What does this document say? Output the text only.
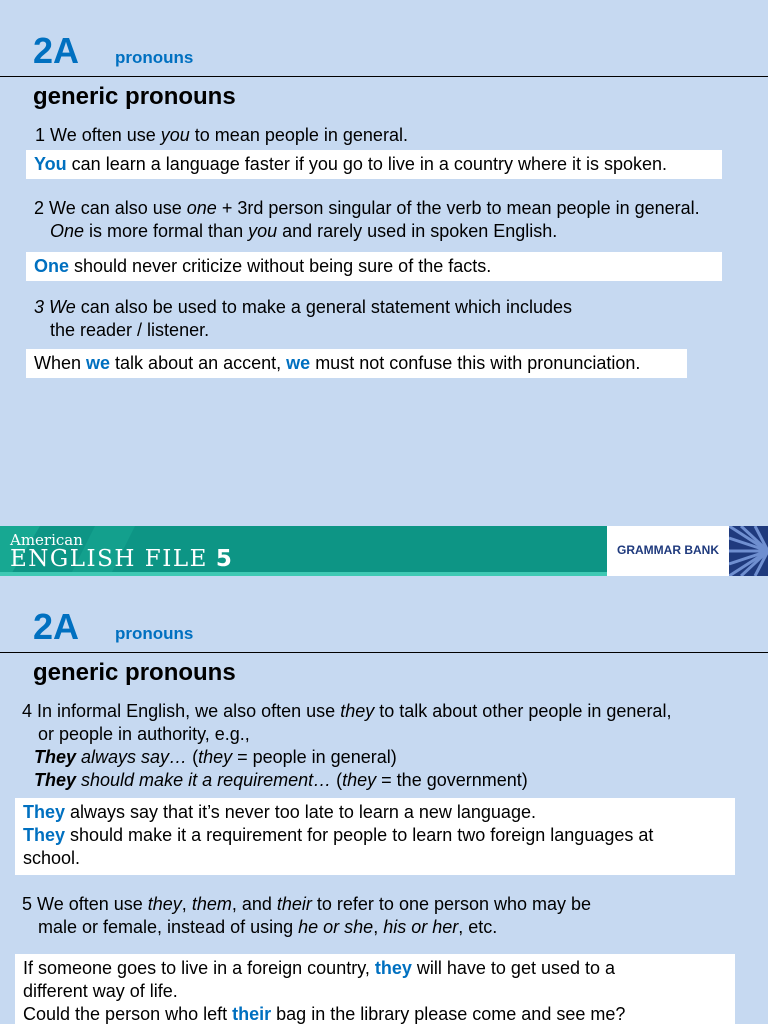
2A pronouns
generic pronouns
1 We often use you to mean people in general.
You can learn a language faster if you go to live in a country where it is spoken.
2 We can also use one + 3rd person singular of the verb to mean people in general.
One is more formal than you and rarely used in spoken English.
One should never criticize without being sure of the facts.
3 We can also be used to make a general statement which includes
the reader / listener.
When we talk about an accent, we must not confuse this with pronunciation.
American
ENGLISH FILE 5	GRAMMAR BANK
2A pronouns
generic pronouns
4 In informal English, we also often use they to talk about other people in general,
or people in authority, e.g.,
They always say… (they = people in general)
They should make it a requirement… (they = the government)
They always say that it’s never too late to learn a new language.
They should make it a requirement for people to learn two foreign languages at
school.
5 We often use they, them, and their to refer to one person who may be
male or female, instead of using he or she, his or her, etc.
If someone goes to live in a foreign country, they will have to get used to a
different way of life.
Could the person who left their bag in the library please come and see me?
